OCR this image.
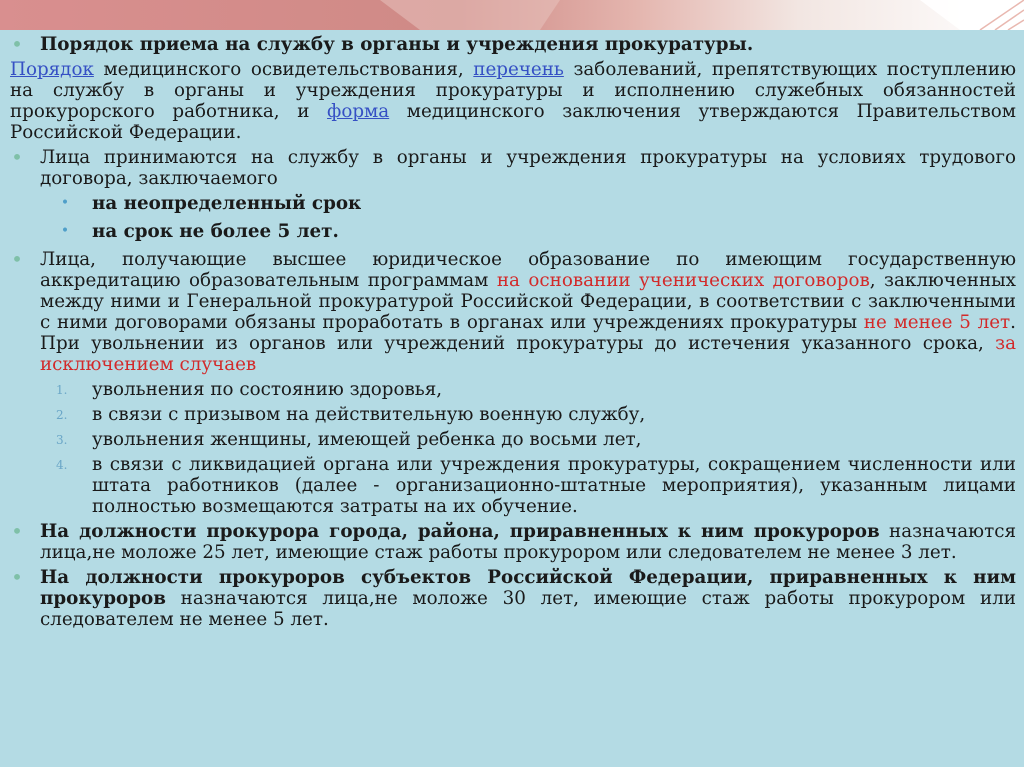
• Порядок приема на службу в органы и учреждения прокуратуры.

Порядок медицинского освидетельствования, перечень заболеваний, препятствующих поступлению на службу в органы и учреждения прокуратуры и исполнению служебных обязанностей прокурорского работника, и форма медицинского заключения утверждаются Правительством Российской Федерации.

• Лица принимаются на службу в органы и учреждения прокуратуры на условиях трудового договора, заключаемого

• на неопределенный срок

• на срок не более 5 лет.

• Лица, получающие высшее юридическое образование по имеющим государственную аккредитацию образовательным программам на основании ученических договоров, заключенных между ними и Генеральной прокуратурой Российской Федерации, в соответствии с заключенными с ними договорами обязаны проработать в органах или учреждениях прокуратуры не менее 5 лет. При увольнении из органов или учреждений прокуратуры до истечения указанного срока, за исключением случаев

1.	увольнения по состоянию здоровья,

2.	в связи с призывом на действительную военную службу,

3.	увольнения женщины, имеющей ребенка до восьми лет,

4.	в связи с ликвидацией органа или учреждения прокуратуры, сокращением численности или штата работников (далее - организационно-штатные мероприятия), указанным лицами полностью возмещаются затраты на их обучение.

• На должности прокурора города, района, приравненных к ним прокуроров назначаются лица,не моложе 25 лет, имеющие стаж работы прокурором или следователем не менее 3 лет.

• На должности прокуроров субъектов Российской Федерации, приравненных к ним прокуроров назначаются лица,не моложе 30 лет, имеющие стаж работы прокурором или следователем не менее 5 лет.
